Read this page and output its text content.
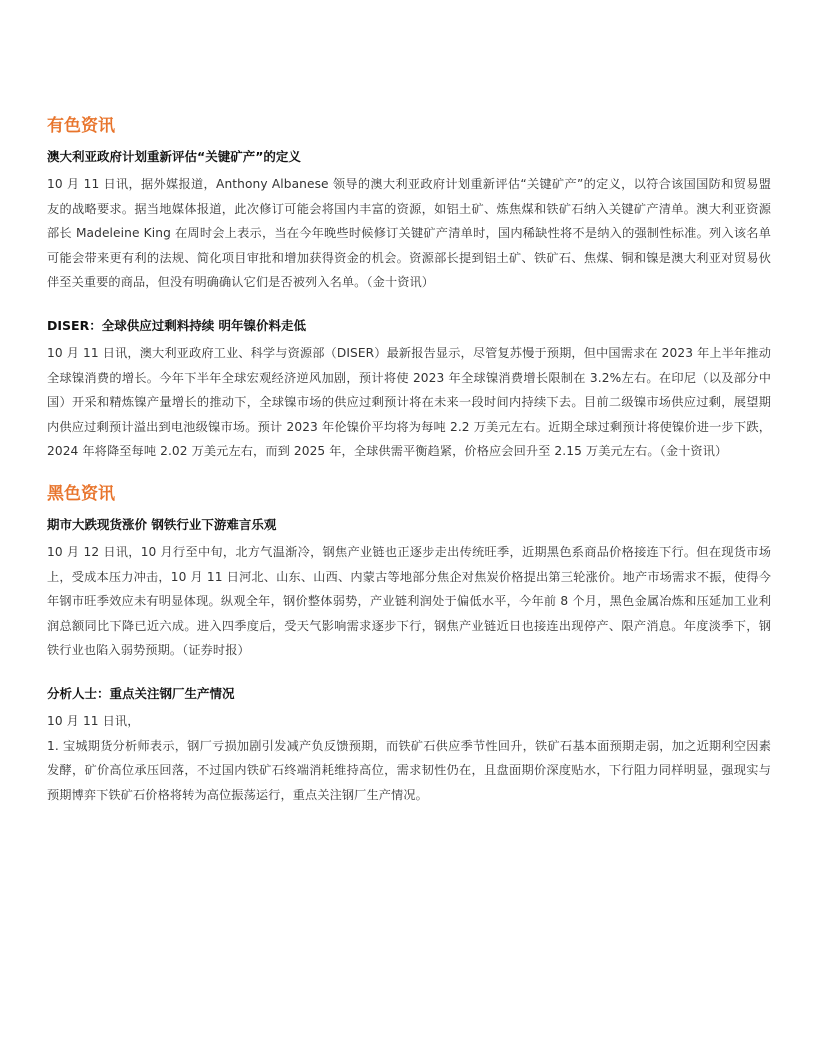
有色资讯
澳大利亚政府计划重新评估“关键矿产”的定义

10 月 11 日讯，据外媒报道，Anthony Albanese 领导的澳大利亚政府计划重新评估“关键矿产”的定义，以符合该国国防和贸易盟友的战略要求。据当地媒体报道，此次修订可能会将国内丰富的资源，如铝土矿、炼焦煤和铁矿石纳入关键矿产清单。澳大利亚资源部长 Madeleine King 在周时会上表示，当在今年晚些时候修订关键矿产清单时，国内稀缺性将不是纳入的强制性标准。列入该名单可能会带来更有利的法规、简化项目审批和增加获得资金的机会。资源部长提到铝土矿、铁矿石、焦煤、铜和镍是澳大利亚对贸易伙伴至关重要的商品，但没有明确确认它们是否被列入名单。（金十资讯）

DISER：全球供应过剩料持续 明年镍价料走低

10 月 11 日讯，澳大利亚政府工业、科学与资源部（DISER）最新报告显示，尽管复苏慢于预期，但中国需求在 2023 年上半年推动全球镍消费的增长。今年下半年全球宏观经济逆风加剧，预计将使 2023 年全球镍消费增长限制在 3.2%左右。在印尼（以及部分中国）开采和精炼镍产量增长的推动下，全球镍市场的供应过剩预计将在未来一段时间内持续下去。目前二级镍市场供应过剩，展望期内供应过剩预计溢出到电池级镍市场。预计 2023 年伦镍价平均将为每吨 2.2 万美元左右。近期全球过剩预计将使镍价进一步下跌，2024 年将降至每吨 2.02 万美元左右，而到 2025 年，全球供需平衡趋紧，价格应会回升至 2.15 万美元左右。（金十资讯）

黑色资讯
期市大跌现货涨价 钢铁行业下游难言乐观

10 月 12 日讯，10 月行至中旬，北方气温渐冷，钢焦产业链也正逐步走出传统旺季，近期黑色系商品价格接连下行。但在现货市场上，受成本压力冲击，10 月 11 日河北、山东、山西、内蒙古等地部分焦企对焦炭价格提出第三轮涨价。地产市场需求不振，使得今年钢市旺季效应未有明显体现。纵观全年，钢价整体弱势，产业链利润处于偏低水平，今年前 8 个月，黑色金属冶炼和压延加工业利润总额同比下降已近六成。进入四季度后，受天气影响需求逐步下行，钢焦产业链近日也接连出现停产、限产消息。年度淡季下，钢铁行业也陷入弱势预期。（证券时报）

分析人士：重点关注钢厂生产情况

10 月 11 日讯，

1. 宝城期货分析师表示，钢厂亏损加剧引发减产负反馈预期，而铁矿石供应季节性回升，铁矿石基本面预期走弱，加之近期利空因素发酵，矿价高位承压回落，不过国内铁矿石终端消耗维持高位，需求韧性仍在，且盘面期价深度贴水，下行阻力同样明显，强现实与预期博弈下铁矿石价格将转为高位振荡运行，重点关注钢厂生产情况。
